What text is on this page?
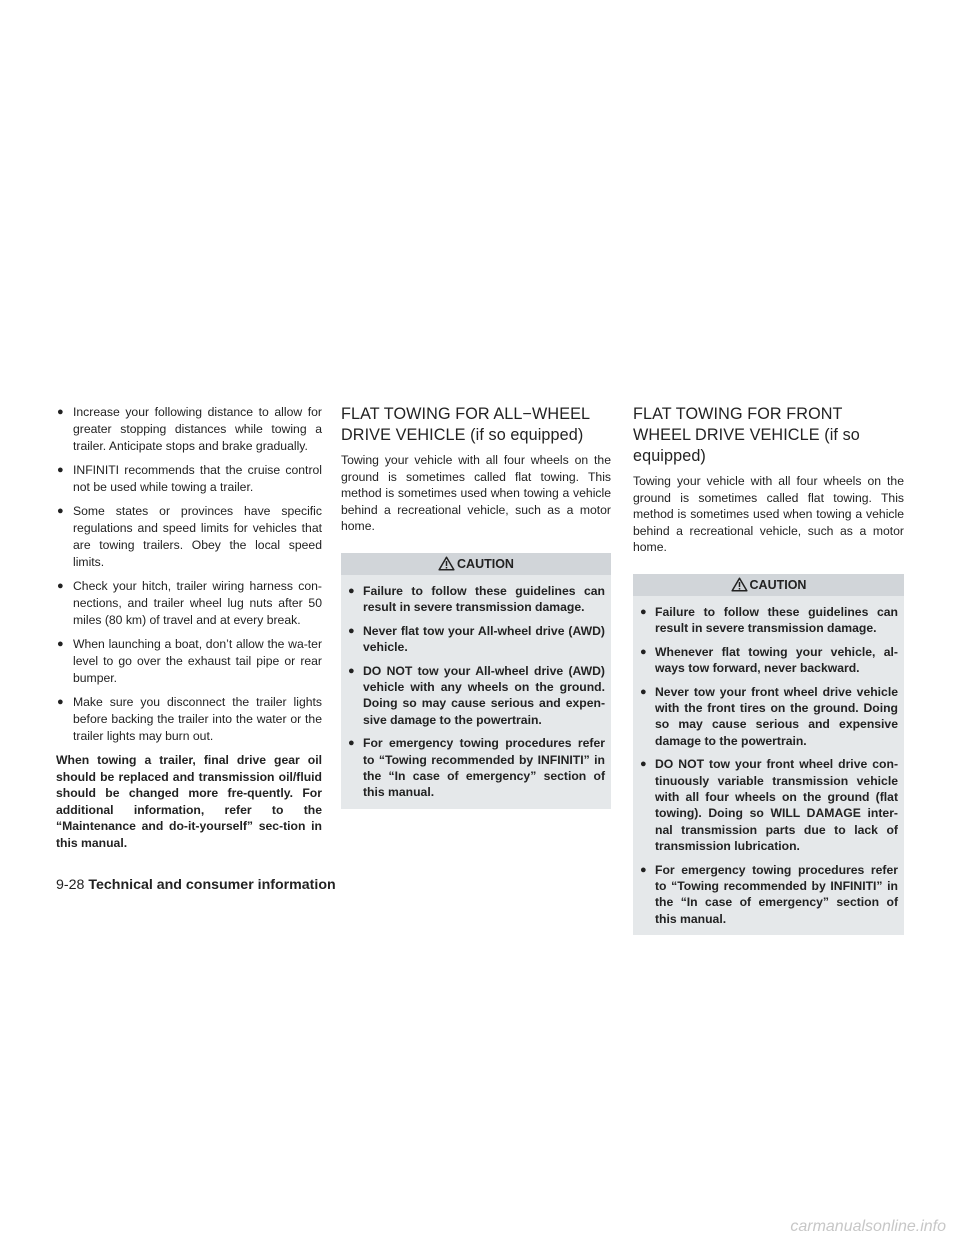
● Increase your following distance to allow for greater stopping distances while towing a trailer. Anticipate stops and brake gradually.
● INFINITI recommends that the cruise control not be used while towing a trailer.
● Some states or provinces have specific regulations and speed limits for vehicles that are towing trailers. Obey the local speed limits.
● Check your hitch, trailer wiring harness con-nections, and trailer wheel lug nuts after 50 miles (80 km) of travel and at every break.
● When launching a boat, don’t allow the wa-ter level to go over the exhaust tail pipe or rear bumper.
● Make sure you disconnect the trailer lights before backing the trailer into the water or the trailer lights may burn out.

When towing a trailer, final drive gear oil should be replaced and transmission oil/fluid should be changed more fre-quently. For additional information, refer to the “Maintenance and do-it-yourself” sec-tion in this manual.

FLAT TOWING FOR ALL−WHEEL DRIVE VEHICLE (if so equipped)

Towing your vehicle with all four wheels on the ground is sometimes called flat towing. This method is sometimes used when towing a vehicle behind a recreational vehicle, such as a motor home.

CAUTION
● Failure to follow these guidelines can result in severe transmission damage.
● Never flat tow your All-wheel drive (AWD) vehicle.
● DO NOT tow your All-wheel drive (AWD) vehicle with any wheels on the ground. Doing so may cause serious and expen-sive damage to the powertrain.
● For emergency towing procedures refer to “Towing recommended by INFINITI” in the “In case of emergency” section of this manual.
FLAT TOWING FOR FRONT WHEEL DRIVE VEHICLE (if so equipped)

Towing your vehicle with all four wheels on the ground is sometimes called flat towing. This method is sometimes used when towing a vehicle behind a recreational vehicle, such as a motor home.

CAUTION
● Failure to follow these guidelines can result in severe transmission damage.
● Whenever flat towing your vehicle, al-ways tow forward, never backward.
● Never tow your front wheel drive vehicle with the front tires on the ground. Doing so may cause serious and expensive damage to the powertrain.
● DO NOT tow your front wheel drive con-tinuously variable transmission vehicle with all four wheels on the ground (flat towing). Doing so WILL DAMAGE inter-nal transmission parts due to lack of transmission lubrication.
● For emergency towing procedures refer to “Towing recommended by INFINITI” in the “In case of emergency” section of this manual.
9-28 Technical and consumer information
carmanualsonline.info
